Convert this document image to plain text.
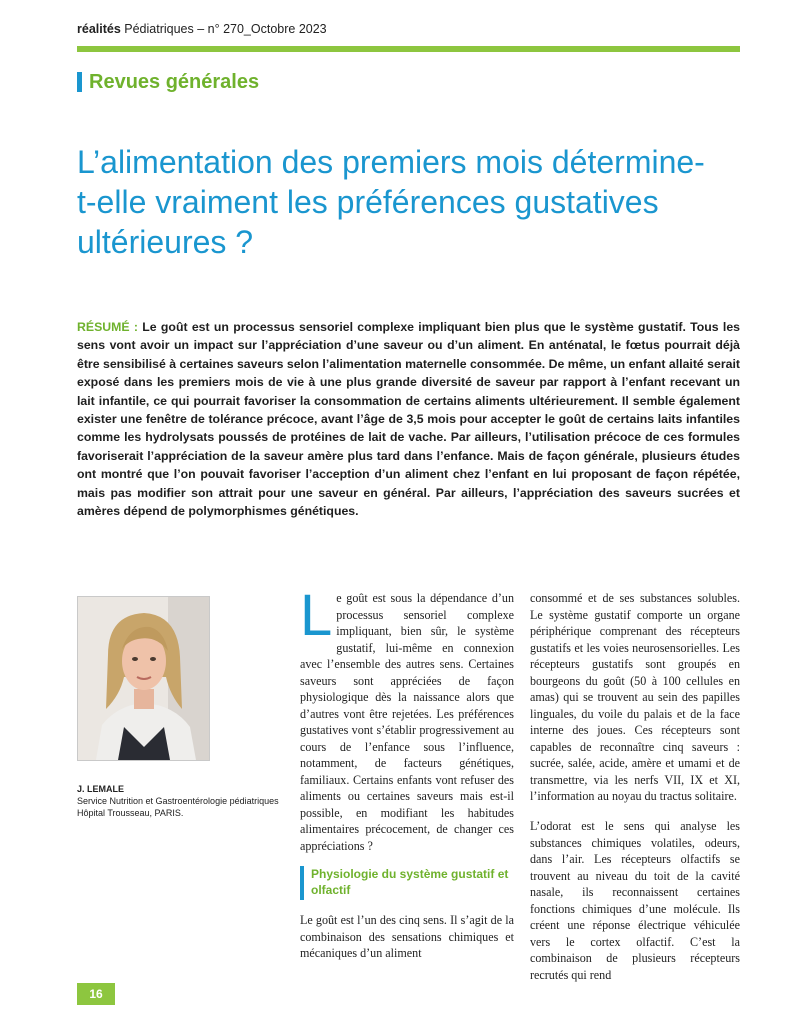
réalités Pédiatriques – n° 270_Octobre 2023
Revues générales
L’alimentation des premiers mois détermine-t-elle vraiment les préférences gustatives ultérieures ?

RÉSUMÉ : Le goût est un processus sensoriel complexe impliquant bien plus que le système gustatif. Tous les sens vont avoir un impact sur l’appréciation d’une saveur ou d’un aliment. En anténatal, le fœtus pourrait déjà être sensibilisé à certaines saveurs selon l’alimentation maternelle consommée. De même, un enfant allaité serait exposé dans les premiers mois de vie à une plus grande diversité de saveur par rapport à l’enfant recevant un lait infantile, ce qui pourrait favoriser la consommation de certains aliments ultérieurement. Il semble également exister une fenêtre de tolérance précoce, avant l’âge de 3,5 mois pour accepter le goût de certains laits infantiles comme les hydrolysats poussés de protéines de lait de vache. Par ailleurs, l’utilisation précoce de ces formules favoriserait l’appréciation de la saveur amère plus tard dans l’enfance. Mais de façon générale, plusieurs études ont montré que l’on pouvait favoriser l’acception d’un aliment chez l’enfant en lui proposant de façon répétée, mais pas modifier son attrait pour une saveur en général. Par ailleurs, l’appréciation des saveurs sucrées et amères dépend de polymorphismes génétiques.

J. LEMALE
Service Nutrition et Gastroentérologie pédiatriques
Hôpital Trousseau, PARIS.

Le goût est sous la dépendance d’un processus sensoriel complexe impliquant, bien sûr, le système gustatif, lui-même en connexion avec l’ensemble des autres sens. Certaines saveurs sont appréciées de façon physiologique dès la naissance alors que d’autres vont être rejetées. Les préférences gustatives vont s’établir progressivement au cours de l’enfance sous l’influence, notamment, de facteurs génétiques, familiaux. Certains enfants vont refuser des aliments ou certaines saveurs mais est-il possible, en modifiant les habitudes alimentaires précocement, de changer ces appréciations ?

Physiologie du système gustatif et olfactif

Le goût est l’un des cinq sens. Il s’agit de la combinaison des sensations chimiques et mécaniques d’un aliment

consommé et de ses substances solubles. Le système gustatif comporte un organe périphérique comprenant des récepteurs gustatifs et les voies neurosensorielles. Les récepteurs gustatifs sont groupés en bourgeons du goût (50 à 100 cellules en amas) qui se trouvent au sein des papilles linguales, du voile du palais et de la face interne des joues. Ces récepteurs sont capables de reconnaître cinq saveurs : sucrée, salée, acide, amère et umami et de transmettre, via les nerfs VII, IX et XI, l’information au noyau du tractus solitaire.

L’odorat est le sens qui analyse les substances chimiques volatiles, odeurs, dans l’air. Les récepteurs olfactifs se trouvent au niveau du toit de la cavité nasale, ils reconnaissent certaines fonctions chimiques d’une molécule. Ils créent une réponse électrique véhiculée vers le cortex olfactif. C’est la combinaison de plusieurs récepteurs recrutés qui rend

16
